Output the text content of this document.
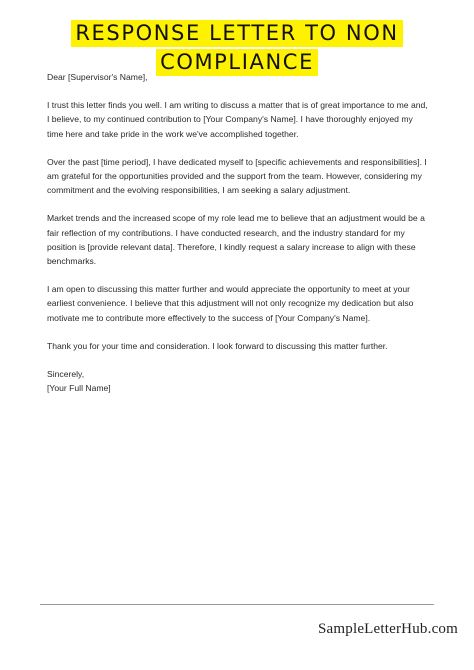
RESPONSE LETTER TO NON
COMPLIANCE

Dear [Supervisor's Name],

I trust this letter finds you well. I am writing to discuss a matter that is of great importance to me and, I believe, to my continued contribution to [Your Company's Name]. I have thoroughly enjoyed my time here and take pride in the work we've accomplished together.

Over the past [time period], I have dedicated myself to [specific achievements and responsibilities]. I am grateful for the opportunities provided and the support from the team. However, considering my commitment and the evolving responsibilities, I am seeking a salary adjustment.

Market trends and the increased scope of my role lead me to believe that an adjustment would be a fair reflection of my contributions. I have conducted research, and the industry standard for my position is [provide relevant data]. Therefore, I kindly request a salary increase to align with these benchmarks.

I am open to discussing this matter further and would appreciate the opportunity to meet at your earliest convenience. I believe that this adjustment will not only recognize my dedication but also motivate me to contribute more effectively to the success of [Your Company's Name].

Thank you for your time and consideration. I look forward to discussing this matter further.

Sincerely,
[Your Full Name]
SampleLetterHub.com
